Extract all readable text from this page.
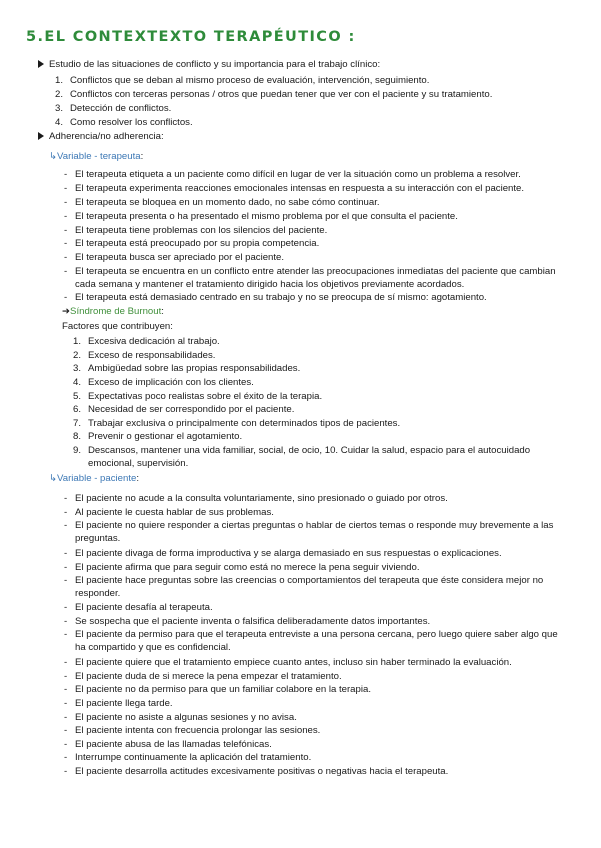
5.EL CONTEXTEXTO TERAPÉUTICO :
Estudio de las situaciones de conflicto y su importancia para el trabajo clínico:
Adherencia/no adherencia:
↳Variable - terapeuta:
➔Síndrome de Burnout:
Factores que contribuyen:
↳Variable - paciente:
1. Conflictos que se deban al mismo proceso de evaluación, intervención, seguimiento.
2. Conflictos con terceras personas / otros que puedan tener que ver con el paciente y su tratamiento.
3. Detección de conflictos.
4. Como resolver los conflictos.
- El terapeuta etiqueta a un paciente como difícil en lugar de ver la situación como un problema a resolver.
- El terapeuta experimenta reacciones emocionales intensas en respuesta a su interacción con el paciente.
- El terapeuta se bloquea en un momento dado, no sabe cómo continuar.
- El terapeuta presenta o ha presentado el mismo problema por el que consulta el paciente.
- El terapeuta tiene problemas con los silencios del paciente.
- El terapeuta está preocupado por su propia competencia.
- El terapeuta busca ser apreciado por el paciente.
- El terapeuta se encuentra en un conflicto entre atender las preocupaciones inmediatas del paciente que cambian
cada semana y mantener el tratamiento dirigido hacia los objetivos previamente acordados.
- El terapeuta está demasiado centrado en su trabajo y no se preocupa de sí mismo: agotamiento.
1. Excesiva dedicación al trabajo.
2. Exceso de responsabilidades.
3. Ambigüedad sobre las propias responsabilidades.
4. Exceso de implicación con los clientes.
5. Expectativas poco realistas sobre el éxito de la terapia.
6. Necesidad de ser correspondido por el paciente.
7. Trabajar exclusiva o principalmente con determinados tipos de pacientes.
8. Prevenir o gestionar el agotamiento.
9. Descansos, mantener una vida familiar, social, de ocio, 10. Cuidar la salud, espacio para el autocuidado
emocional, supervisión.
- El paciente no acude a la consulta voluntariamente, sino presionado o guiado por otros.
- Al paciente le cuesta hablar de sus problemas.
- El paciente no quiere responder a ciertas preguntas o hablar de ciertos temas o responde muy brevemente a las
preguntas.
- El paciente divaga de forma improductiva y se alarga demasiado en sus respuestas o explicaciones.
- El paciente afirma que para seguir como está no merece la pena seguir viviendo.
- El paciente hace preguntas sobre las creencias o comportamientos del terapeuta que éste considera mejor no
responder.
- El paciente desafía al terapeuta.
- Se sospecha que el paciente inventa o falsifica deliberadamente datos importantes.
- El paciente da permiso para que el terapeuta entreviste a una persona cercana, pero luego quiere saber algo que
ha compartido y que es confidencial.
- El paciente quiere que el tratamiento empiece cuanto antes, incluso sin haber terminado la evaluación.
- El paciente duda de si merece la pena empezar el tratamiento.
- El paciente no da permiso para que un familiar colabore en la terapia.
- El paciente llega tarde.
- El paciente no asiste a algunas sesiones y no avisa.
- El paciente intenta con frecuencia prolongar las sesiones.
- El paciente abusa de las llamadas telefónicas.
- Interrumpe continuamente la aplicación del tratamiento.
- El paciente desarrolla actitudes excesivamente positivas o negativas hacia el terapeuta.
